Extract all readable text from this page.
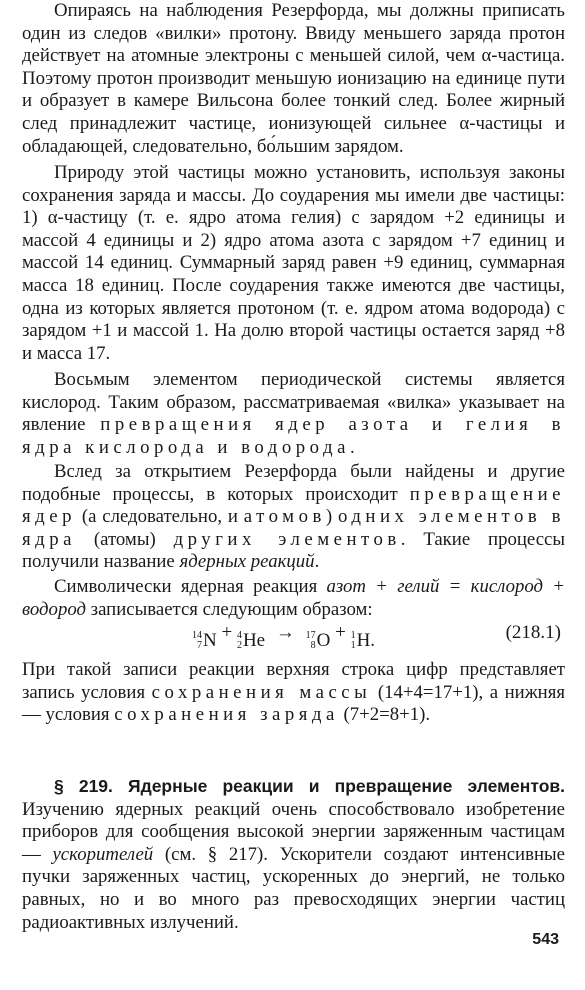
Опираясь на наблюдения Резерфорда, мы должны приписать один из следов «вилки» протону. Ввиду меньшего заряда протон действует на атомные электроны с меньшей силой, чем α-частица. Поэтому протон производит меньшую ионизацию на единице пути и образует в камере Вильсона более тонкий след. Более жирный след принадлежит частице, ионизующей сильнее α-частицы и обладающей, следовательно, бо́льшим зарядом.

Природу этой частицы можно установить, используя законы сохранения заряда и массы. До соударения мы имели две частицы: 1) α-частицу (т. е. ядро атома гелия) с зарядом +2 единицы и массой 4 единицы и 2) ядро атома азота с зарядом +7 единиц и массой 14 единиц. Суммарный заряд равен +9 единиц, суммарная масса 18 единиц. После соударения также имеются две частицы, одна из которых является протоном (т. е. ядром атома водорода) с зарядом +1 и массой 1. На долю второй частицы остается заряд +8 и масса 17.

Восьмым элементом периодической системы является кислород. Таким образом, рассматриваемая «вилка» указывает на явление превращения ядер азота и гелия в ядра кислорода и водорода.

Вслед за открытием Резерфорда были найдены и другие подобные процессы, в которых происходит превращение ядер (а следовательно, и атомов) одних элементов в ядра (атомы) других элементов. Такие процессы получили название ядерных реакций.

Символически ядерная реакция азот + гелий = кислород + водород записывается следующим образом:

14
7 N + 4
2 He → 17
8 O + 1
1 H.	(218.1)

При такой записи реакции верхняя строка цифр представляет запись условия сохранения массы (14+4=17+1), а нижняя — условия сохранения заряда (7+2=8+1).

§ 219. Ядерные реакции и превращение элементов. Изучению ядерных реакций очень способствовало изобретение приборов для сообщения высокой энергии заряженным частицам — ускорителей (см. § 217). Ускорители создают интенсивные пучки заряженных частиц, ускоренных до энергий, не только равных, но и во много раз превосходящих энергии частиц радиоактивных излучений.

543
